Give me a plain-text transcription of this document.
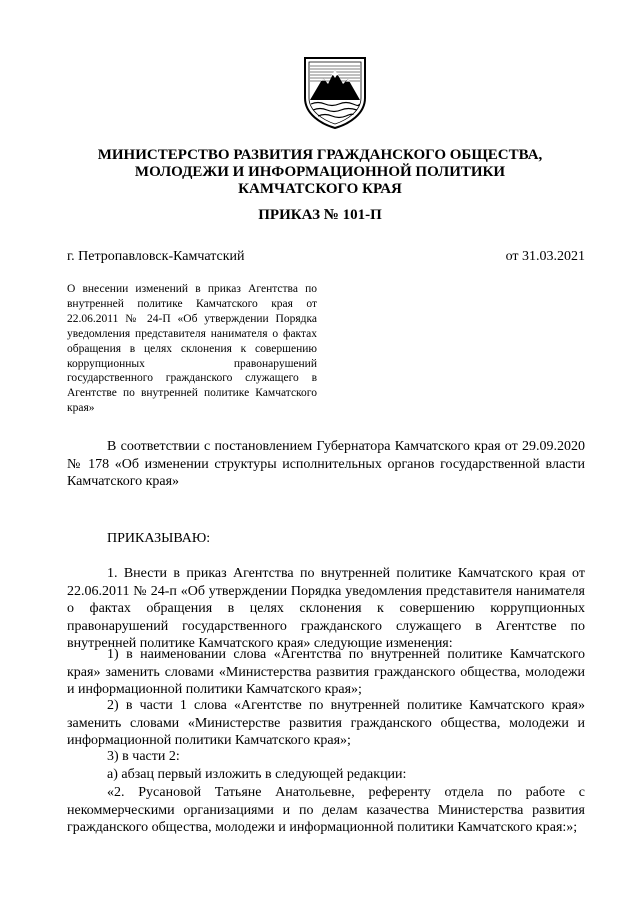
МИНИСТЕРСТВО РАЗВИТИЯ ГРАЖДАНСКОГО ОБЩЕСТВА,
МОЛОДЕЖИ И ИНФОРМАЦИОННОЙ ПОЛИТИКИ
КАМЧАТСКОГО КРАЯ
ПРИКАЗ № 101-П
г. Петропавловск-Камчатский	от 31.03.2021
О внесении изменений в приказ Агентства по внутренней политике Камчатского края от 22.06.2011 № 24-П «Об утверждении Порядка уведомления представителя нанимателя о фактах обращения в целях склонения к совершению коррупционных правонарушений государственного гражданского служащего в Агентстве по внутренней политике Камчатского края»
В соответствии с постановлением Губернатора Камчатского края от 29.09.2020 № 178 «Об изменении структуры исполнительных органов государственной власти Камчатского края»
ПРИКАЗЫВАЮ:
1. Внести в приказ Агентства по внутренней политике Камчатского края от 22.06.2011 № 24-п «Об утверждении Порядка уведомления представителя нанимателя о фактах обращения в целях склонения к совершению коррупционных правонарушений государственного гражданского служащего в Агентстве по внутренней политике Камчатского края» следующие изменения:
1) в наименовании слова «Агентства по внутренней политике Камчатского края» заменить словами «Министерства развития гражданского общества, молодежи и информационной политики Камчатского края»;
2) в части 1 слова «Агентстве по внутренней политике Камчатского края» заменить словами «Министерстве развития гражданского общества, молодежи и информационной политики Камчатского края»;
3) в части 2:
а) абзац первый изложить в следующей редакции:
«2. Русановой Татьяне Анатольевне, референту отдела по работе с некоммерческими организациями и по делам казачества Министерства развития гражданского общества, молодежи и информационной политики Камчатского края:»;
